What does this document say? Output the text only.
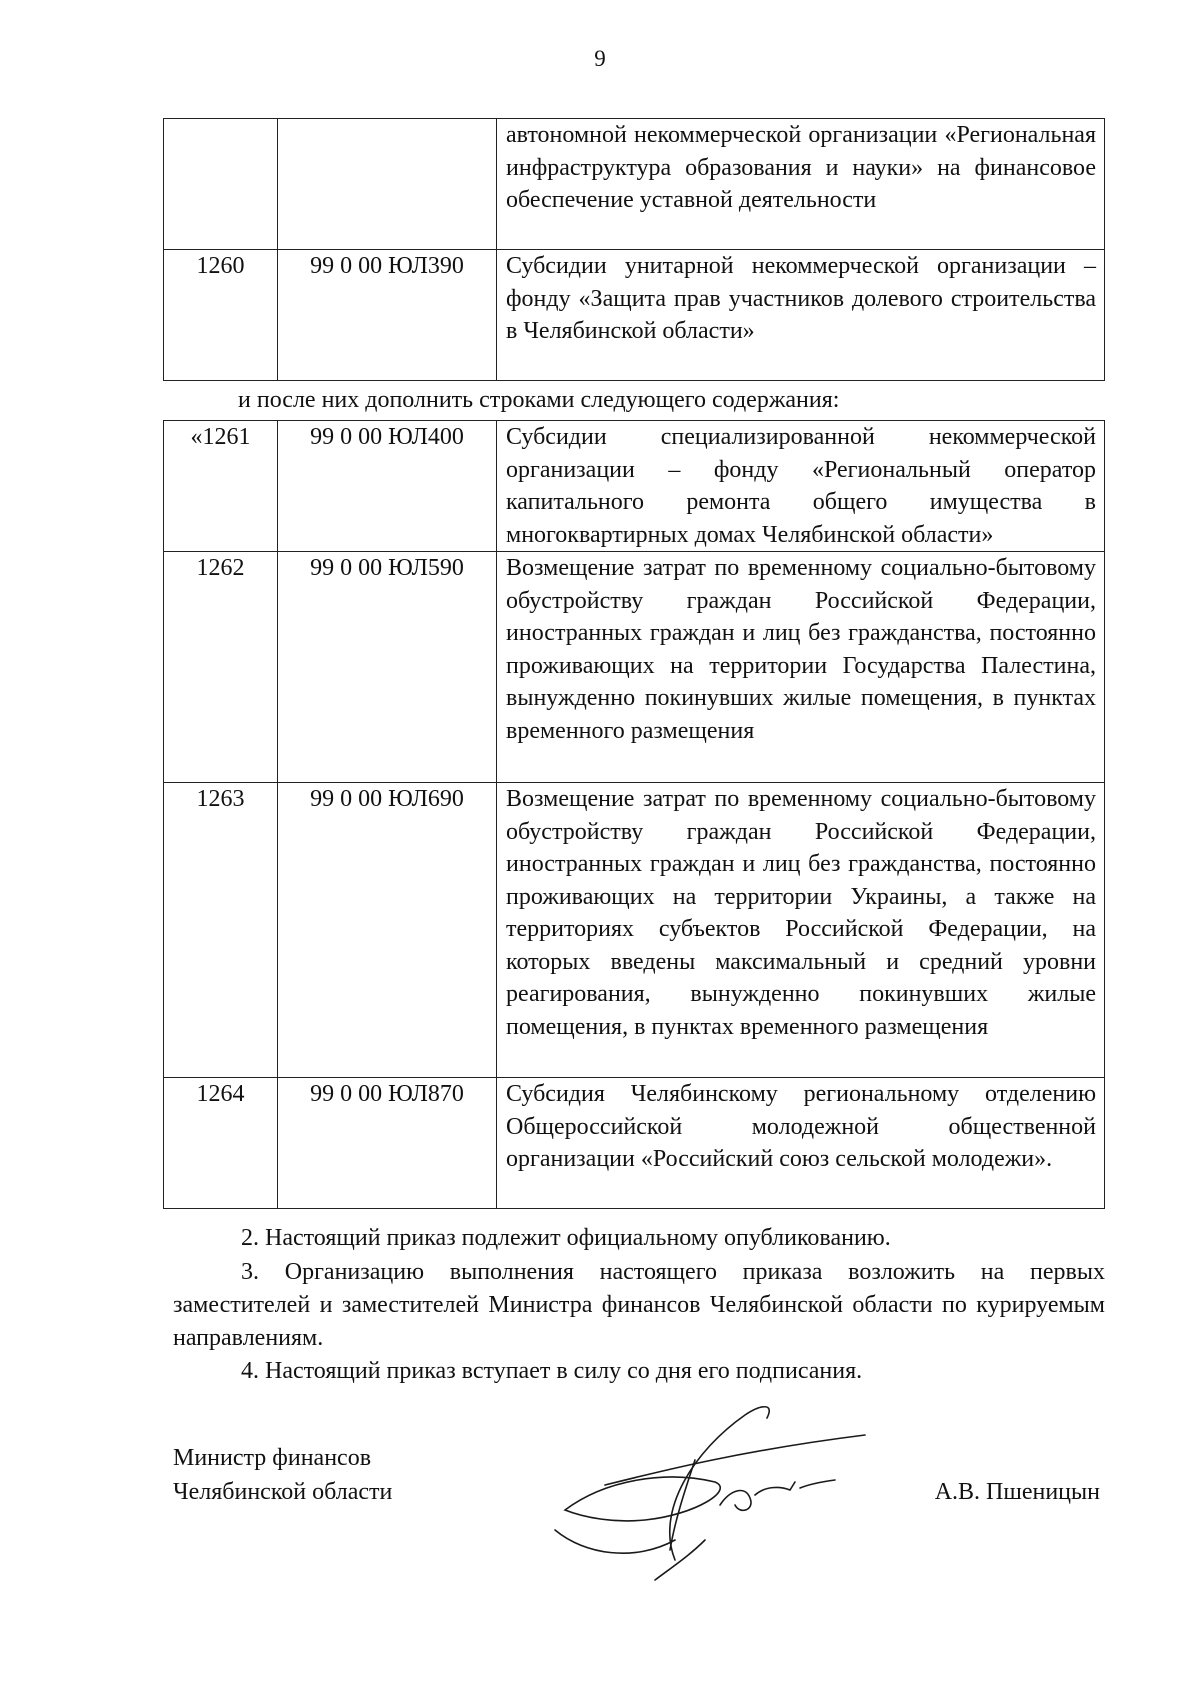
9
		автономной некоммерческой организации «Региональная инфраструктура образования и науки» на финансовое обеспечение уставной деятельности
1260	99 0 00 ЮЛ390	Субсидии унитарной некоммерческой организации – фонду «Защита прав участников долевого строительства в Челябинской области»
и после них дополнить строками следующего содержания:
«1261	99 0 00 ЮЛ400	Субсидии специализированной некоммерческой организации – фонду «Региональный оператор капитального ремонта общего имущества в многоквартирных домах Челябинской области»
1262	99 0 00 ЮЛ590	Возмещение затрат по временному социально-бытовому обустройству граждан Российской Федерации, иностранных граждан и лиц без гражданства, постоянно проживающих на территории Государства Палестина, вынужденно покинувших жилые помещения, в пунктах временного размещения
1263	99 0 00 ЮЛ690	Возмещение затрат по временному социально-бытовому обустройству граждан Российской Федерации, иностранных граждан и лиц без гражданства, постоянно проживающих на территории Украины, а также на территориях субъектов Российской Федерации, на которых введены максимальный и средний уровни реагирования, вынужденно покинувших жилые помещения, в пунктах временного размещения
1264	99 0 00 ЮЛ870	Субсидия Челябинскому региональному отделению Общероссийской молодежной общественной организации «Российский союз сельской молодежи».
2. Настоящий приказ подлежит официальному опубликованию.
3. Организацию выполнения настоящего приказа возложить на первых заместителей и заместителей Министра финансов Челябинской области по курируемым направлениям.
4. Настоящий приказ вступает в силу со дня его подписания.
Министр финансов
Челябинской области	А.В. Пшеницын
